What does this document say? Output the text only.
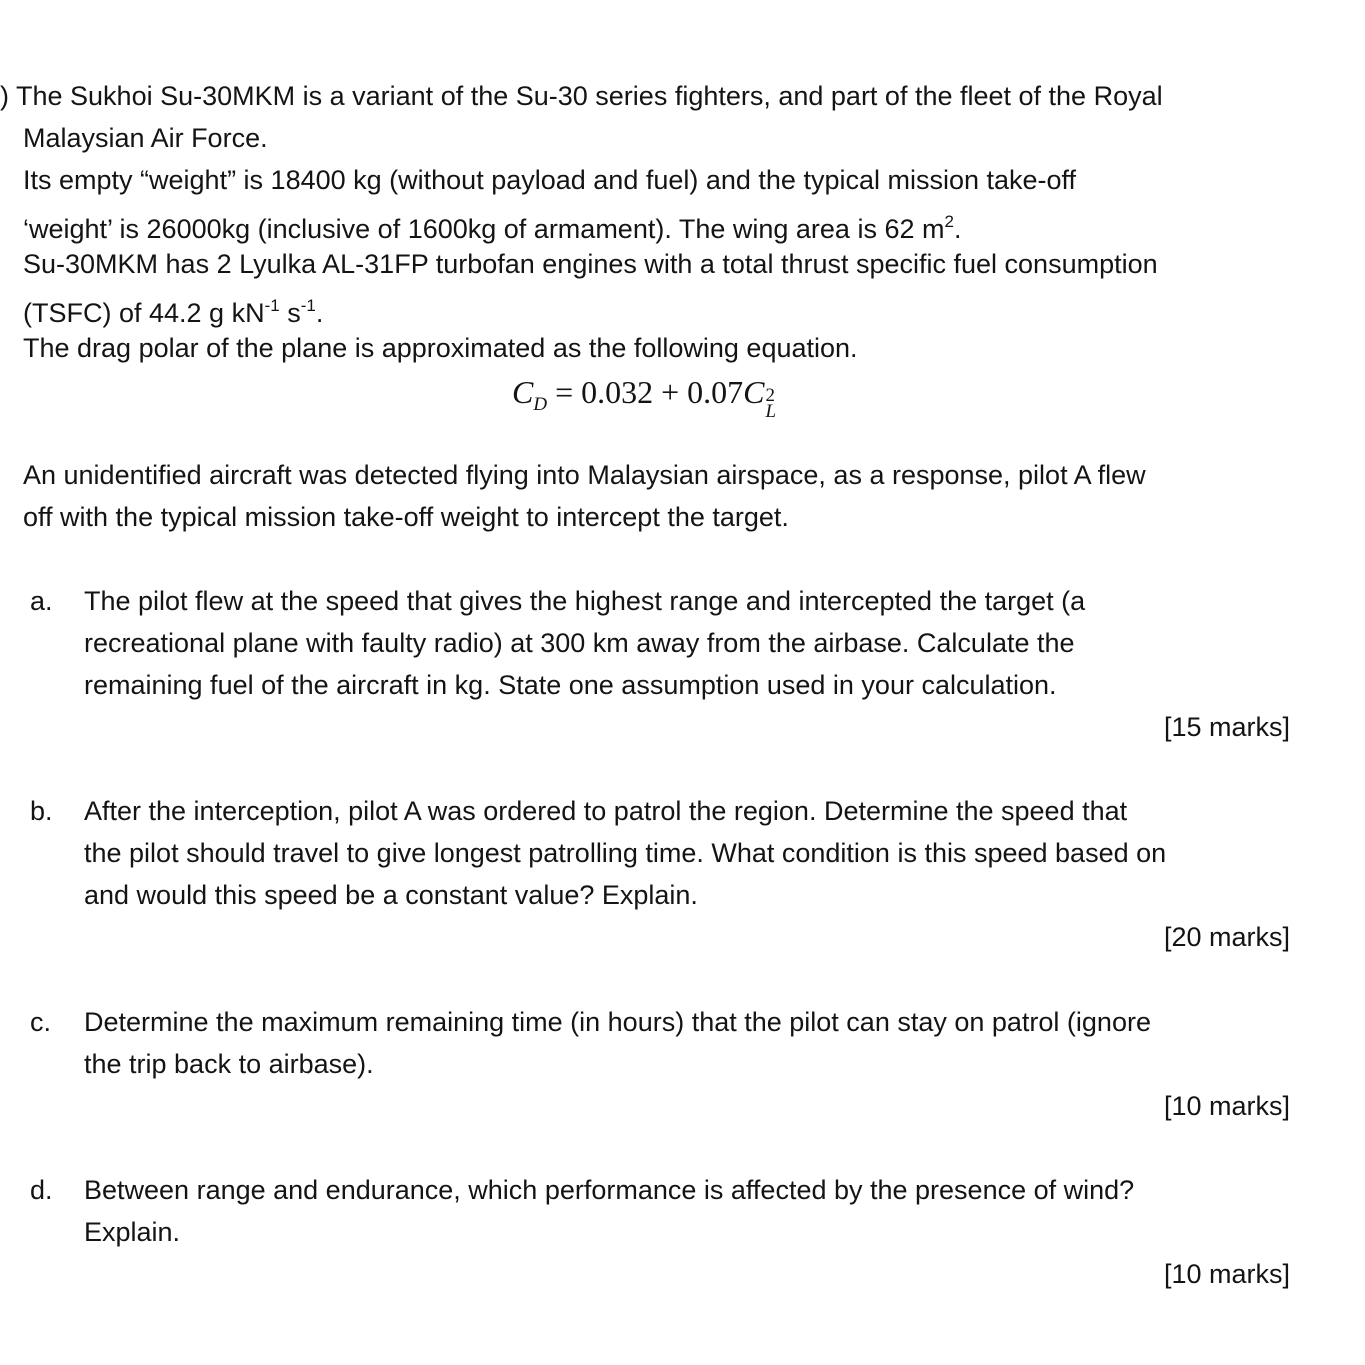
) The Sukhoi Su-30MKM is a variant of the Su-30 series fighters, and part of the fleet of the Royal
Malaysian Air Force.
Its empty “weight” is 18400 kg (without payload and fuel) and the typical mission take-off
‘weight’ is 26000kg (inclusive of 1600kg of armament). The wing area is 62 $m^2$.
Su-30MKM has 2 Lyulka AL-31FP turbofan engines with a total thrust specific fuel consumption
(TSFC) of 44.2 g $kN^{-1}$ $s^{-1}$.
The drag polar of the plane is approximated as the following equation.
$C_D = 0.032 + 0.07C$ 2
L
An unidentified aircraft was detected flying into Malaysian airspace, as a response, pilot A flew
off with the typical mission take-off weight to intercept the target.
a. The pilot flew at the speed that gives the highest range and intercepted the target (a
recreational plane with faulty radio) at 300 km away from the airbase. Calculate the
remaining fuel of the aircraft in kg. State one assumption used in your calculation.
[15 marks]
b. After the interception, pilot A was ordered to patrol the region. Determine the speed that
the pilot should travel to give longest patrolling time. What condition is this speed based on
and would this speed be a constant value? Explain.
[20 marks]
c. Determine the maximum remaining time (in hours) that the pilot can stay on patrol (ignore
the trip back to airbase).
[10 marks]
d. Between range and endurance, which performance is affected by the presence of wind?
Explain.
[10 marks]
